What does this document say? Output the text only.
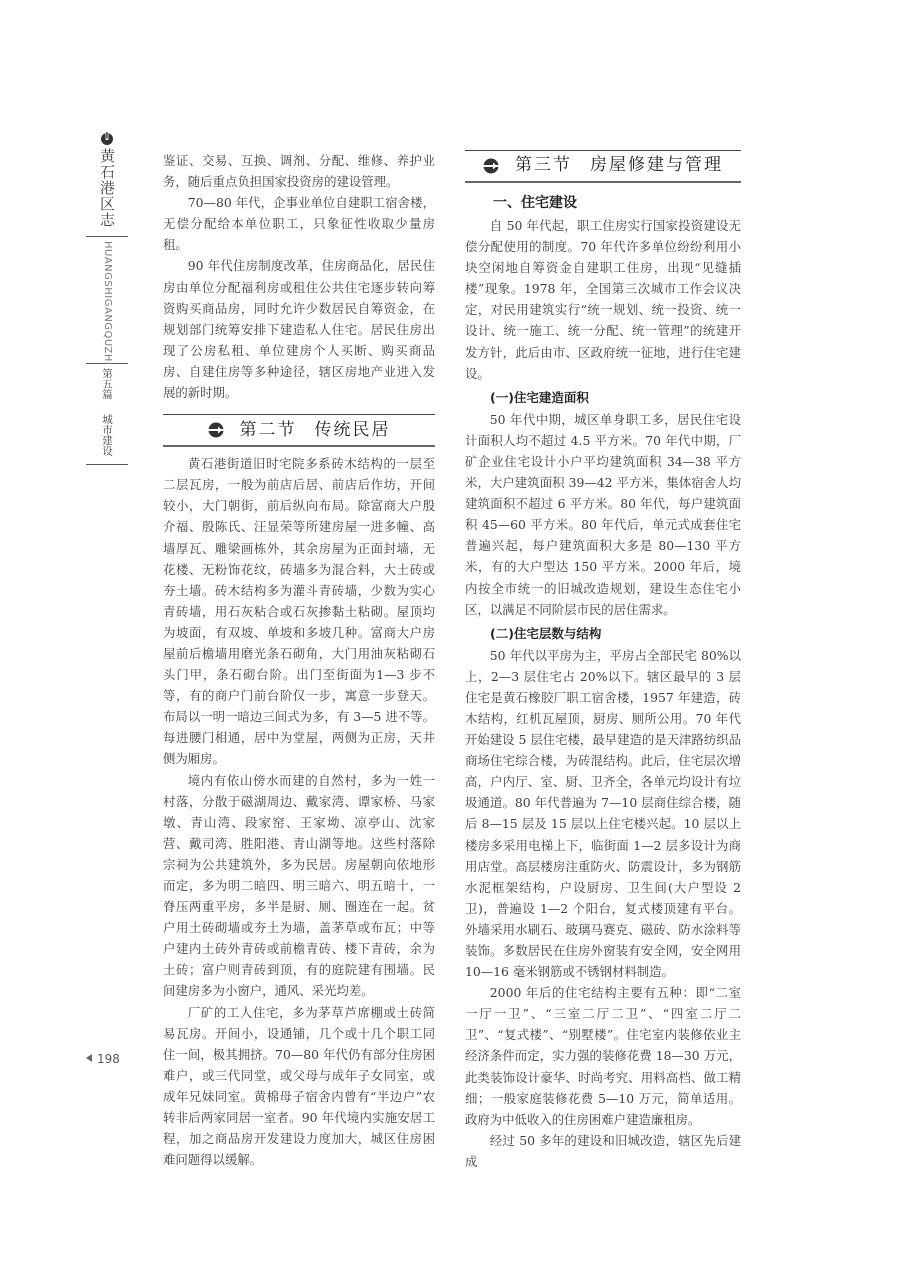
黄石港区志
HUANGSHIGANGQUZHI
第五篇
城市建设

鉴证、交易、互换、调剂、分配、维修、养护业务，随后重点负担国家投资房的建设管理。

70—80 年代，企事业单位自建职工宿舍楼，无偿分配给本单位职工，只象征性收取少量房租。

90 年代住房制度改革，住房商品化，居民住房由单位分配福利房或租住公共住宅逐步转向筹资购买商品房，同时允许少数居民自筹资金，在规划部门统筹安排下建造私人住宅。居民住房出现了公房私租、单位建房个人买断、购买商品房、自建住房等多种途径，辖区房地产业进入发展的新时期。

第二节 传统民居

黄石港街道旧时宅院多系砖木结构的一层至二层瓦房，一般为前店后居、前店后作坊，开间较小，大门朝街，前后纵向布局。除富商大户殷介福、殷陈氏、汪显荣等所建房屋一进多幢、高墙厚瓦、雕梁画栋外，其余房屋为正面封墙，无花楼、无粉饰花纹，砖墙多为混合料，大土砖或夯土墙。砖木结构多为灌斗青砖墙，少数为实心青砖墙，用石灰粘合或石灰掺黏土粘砌。屋顶均为坡面，有双坡、单坡和多坡几种。富商大户房屋前后檐墙用磨光条石砌角，大门用油灰粘砌石头门甲，条石砌台阶。出门至街面为1—3 步不等，有的商户门前台阶仅一步，寓意一步登天。布局以一明一暗边三间式为多，有 3—5 进不等。每进腰门相通，居中为堂屋，两侧为正房，天井侧为厢房。

境内有依山傍水而建的自然村，多为一姓一村落，分散于磁湖周边、戴家湾、谭家桥、马家墩、青山湾、段家窑、王家坳、凉亭山、沈家营、戴司湾、胜阳港、青山湖等地。这些村落除宗祠为公共建筑外，多为民居。房屋朝向依地形而定，多为明二暗四、明三暗六、明五暗十，一脊压两重平房，多半是厨、厕、圈连在一起。贫户用土砖砌墙或夯土为墙，盖茅草或布瓦；中等户建内土砖外青砖或前檐青砖、楼下青砖，余为土砖；富户则青砖到顶，有的庭院建有围墙。民间建房多为小窗户，通风、采光均差。

厂矿的工人住宅，多为茅草芦席棚或土砖简易瓦房。开间小，设通铺，几个或十几个职工同住一间，极其拥挤。70—80 年代仍有部分住房困难户，或三代同堂，或父母与成年子女同室，或成年兄妹同室。黄棉母子宿舍内曾有“半边户”农转非后两家同居一室者。90 年代境内实施安居工程，加之商品房开发建设力度加大，城区住房困难问题得以缓解。

第三节 房屋修建与管理
一、住宅建设

自 50 年代起，职工住房实行国家投资建设无偿分配使用的制度。70 年代许多单位纷纷利用小块空闲地自筹资金自建职工住房，出现“见缝插楼”现象。1978 年，全国第三次城市工作会议决定，对民用建筑实行“统一规划、统一投资、统一设计、统一施工、统一分配、统一管理”的统建开发方针，此后由市、区政府统一征地，进行住宅建设。

(一)住宅建造面积

50 年代中期，城区单身职工多，居民住宅设计面积人均不超过 4.5 平方米。70 年代中期，厂矿企业住宅设计小户平均建筑面积 34—38 平方米，大户建筑面积 39—42 平方米，集体宿舍人均建筑面积不超过 6 平方米。80 年代，每户建筑面积 45—60 平方米。80 年代后，单元式成套住宅普遍兴起，每户建筑面积大多是 80—130 平方米，有的大户型达 150 平方米。2000 年后，境内按全市统一的旧城改造规划，建设生态住宅小区，以满足不同阶层市民的居住需求。

(二)住宅层数与结构

50 年代以平房为主，平房占全部民宅 80%以上，2—3 层住宅占 20%以下。辖区最早的 3 层住宅是黄石橡胶厂职工宿舍楼，1957 年建造，砖木结构，红机瓦屋顶，厨房、厕所公用。70 年代开始建设 5 层住宅楼，最早建造的是天津路纺织品商场住宅综合楼，为砖混结构。此后，住宅层次增高，户内厅、室、厨、卫齐全，各单元均设计有垃圾通道。80 年代普遍为 7—10 层商住综合楼，随后 8—15 层及 15 层以上住宅楼兴起。10 层以上楼房多采用电梯上下，临街面 1—2 层多设计为商用店堂。高层楼房注重防火、防震设计，多为钢筋水泥框架结构，户设厨房、卫生间(大户型设 2 卫)，普遍设 1—2 个阳台，复式楼顶建有平台。外墙采用水刷石、玻璃马赛克、磁砖、防水涂料等装饰。多数居民在住房外窗装有安全网，安全网用 10—16 毫米钢筋或不锈钢材料制造。

2000 年后的住宅结构主要有五种：即“二室一厅一卫”、“三室二厅二卫”、“四室二厅二卫”、“复式楼”、“别墅楼”。住宅室内装修依业主经济条件而定，实力强的装修花费 18—30 万元，此类装饰设计豪华、时尚考究、用料高档、做工精细；一般家庭装修花费 5—10 万元，简单适用。政府为中低收入的住房困难户建造廉租房。

经过 50 多年的建设和旧城改造，辖区先后建成

198
